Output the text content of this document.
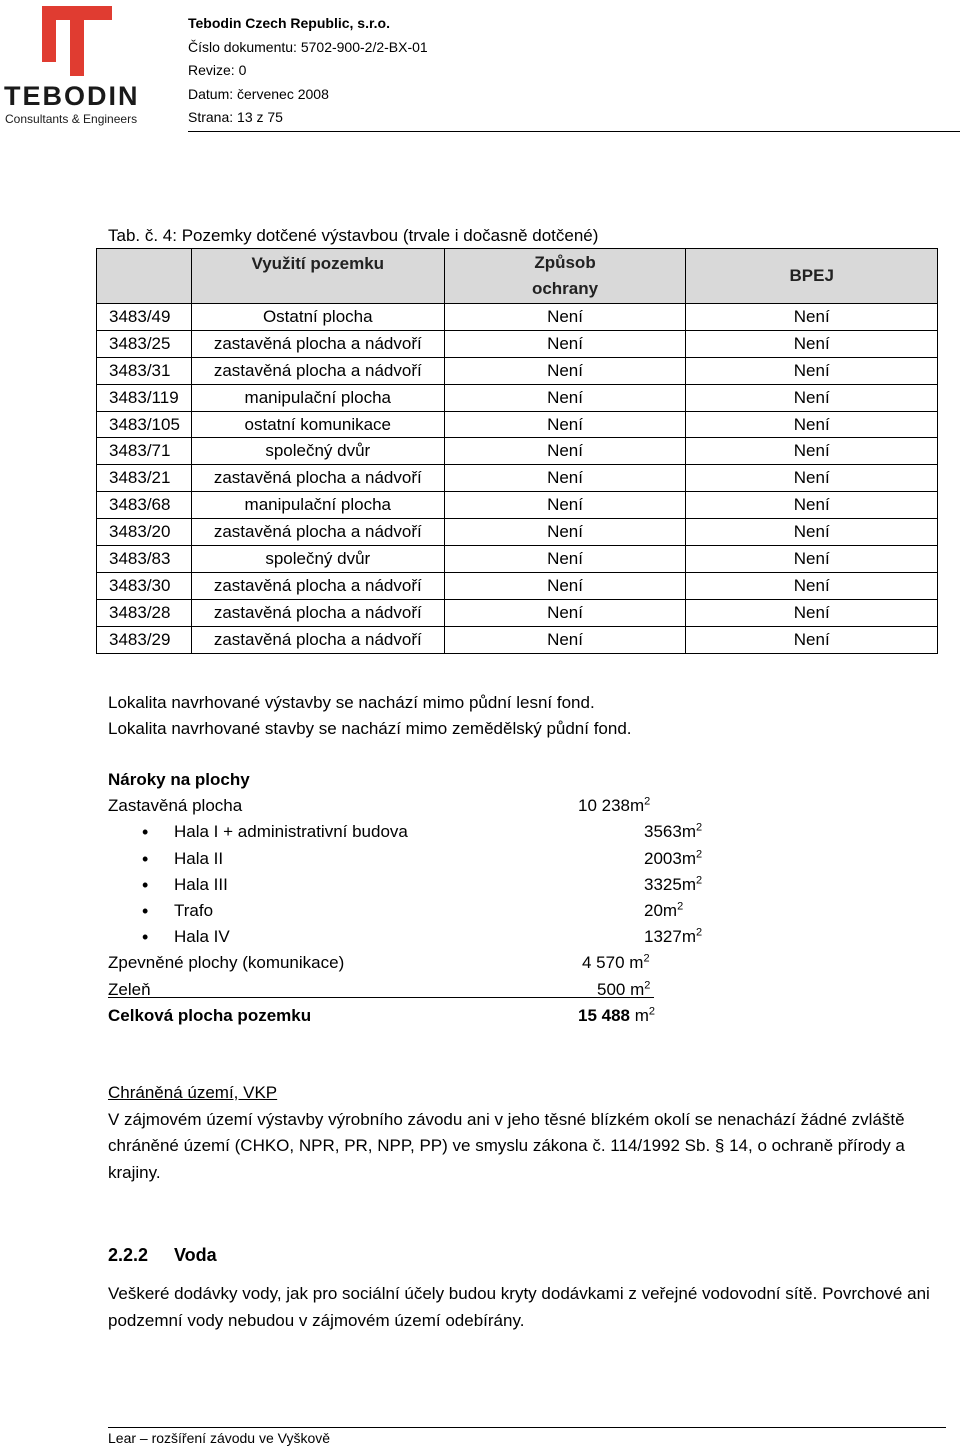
TEBODIN
Consultants & Engineers
Tebodin Czech Republic, s.r.o.
Číslo dokumentu: 5702-900-2/2-BX-01
Revize: 0
Datum: červenec 2008
Strana: 13 z 75
Tab. č. 4: Pozemky dotčené výstavbou (trvale i dočasně dotčené)
	Využití pozemku	Způsob ochrany	BPEJ
3483/49	Ostatní plocha	Není	Není
3483/25	zastavěná plocha a nádvoří	Není	Není
3483/31	zastavěná plocha a nádvoří	Není	Není
3483/119	manipulační plocha	Není	Není
3483/105	ostatní komunikace	Není	Není
3483/71	společný dvůr	Není	Není
3483/21	zastavěná plocha a nádvoří	Není	Není
3483/68	manipulační plocha	Není	Není
3483/20	zastavěná plocha a nádvoří	Není	Není
3483/83	společný dvůr	Není	Není
3483/30	zastavěná plocha a nádvoří	Není	Není
3483/28	zastavěná plocha a nádvoří	Není	Není
3483/29	zastavěná plocha a nádvoří	Není	Není
Lokalita navrhované výstavby se nachází mimo půdní lesní fond.
Lokalita navrhované stavby se nachází mimo zemědělský půdní fond.
Nároky na plochy
Zastavěná plocha	10 $238m^2$
• Hala I + administrativní budova	$3563m^2$
• Hala II	$2003m^2$
• Hala III	$3325m^2$
• Trafo	$20m^2$
• Hala IV	$1327m^2$
Zpevněné plochy (komunikace)	4 570 $m^2$
Zeleň	500 $m^2$
Celková plocha pozemku	15 488 $m^2$
Chráněná území, VKP
V zájmovém území výstavby výrobního závodu ani v jeho těsné blízkém okolí se nenachází žádné zvláště chráněné území (CHKO, NPR, PR, NPP, PP) ve smyslu zákona č. 114/1992 Sb. § 14, o ochraně přírody a krajiny.
2.2.2 Voda
Veškeré dodávky vody, jak pro sociální účely budou kryty dodávkami z veřejné vodovodní sítě. Povrchové ani podzemní vody nebudou v zájmovém území odebírány.
Lear – rozšíření závodu ve Vyškově
